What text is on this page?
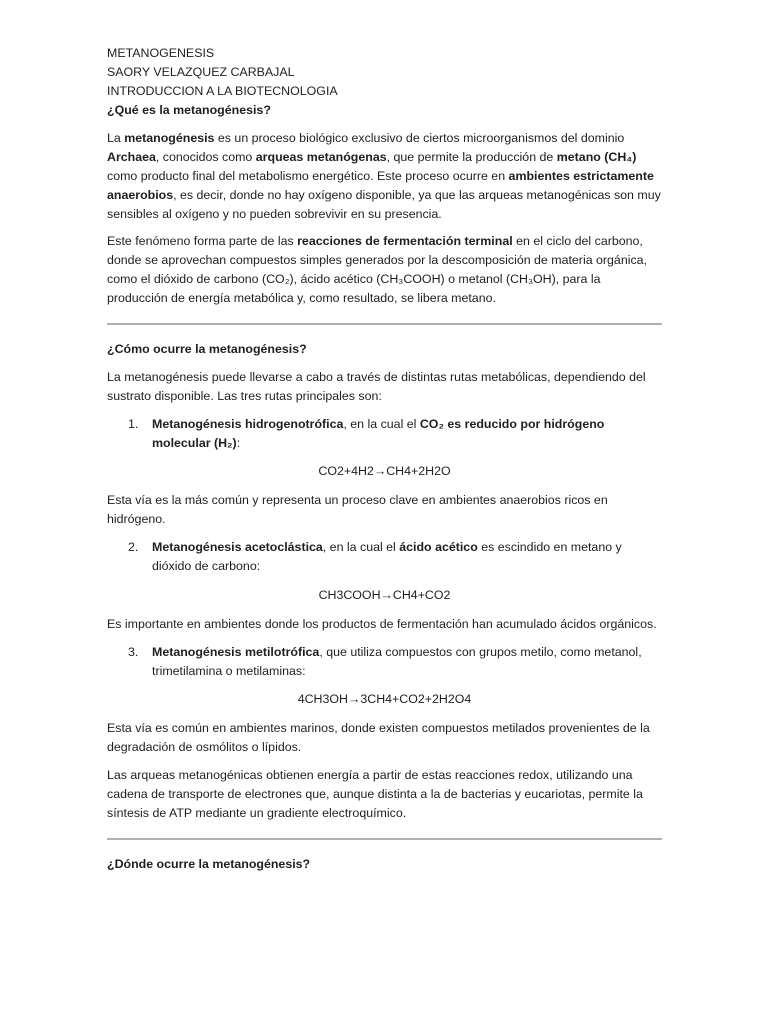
METANOGENESIS
SAORY VELAZQUEZ CARBAJAL
INTRODUCCION A LA BIOTECNOLOGIA
¿Qué es la metanogénesis?

La metanogénesis es un proceso biológico exclusivo de ciertos microorganismos del dominio Archaea, conocidos como arqueas metanógenas, que permite la producción de metano (CH₄) como producto final del metabolismo energético. Este proceso ocurre en ambientes estrictamente anaerobios, es decir, donde no hay oxígeno disponible, ya que las arqueas metanogénicas son muy sensibles al oxígeno y no pueden sobrevivir en su presencia.

Este fenómeno forma parte de las reacciones de fermentación terminal en el ciclo del carbono, donde se aprovechan compuestos simples generados por la descomposición de materia orgánica, como el dióxido de carbono (CO₂), ácido acético (CH₃COOH) o metanol (CH₃OH), para la producción de energía metabólica y, como resultado, se libera metano.

¿Cómo ocurre la metanogénesis?

La metanogénesis puede llevarse a cabo a través de distintas rutas metabólicas, dependiendo del sustrato disponible. Las tres rutas principales son:

1. Metanogénesis hidrogenotrófica, en la cual el CO₂ es reducido por hidrógeno molecular (H₂):
CO2+4H2→CH4+2H2O

Esta vía es la más común y representa un proceso clave en ambientes anaerobios ricos en hidrógeno.

2. Metanogénesis acetoclástica, en la cual el ácido acético es escindido en metano y dióxido de carbono:
CH3COOH→CH4+CO2

Es importante en ambientes donde los productos de fermentación han acumulado ácidos orgánicos.

3. Metanogénesis metilotrófica, que utiliza compuestos con grupos metilo, como metanol, trimetilamina o metilaminas:
4CH3OH→3CH4+CO2+2H2O4

Esta vía es común en ambientes marinos, donde existen compuestos metilados provenientes de la degradación de osmólitos o lípidos.

Las arqueas metanogénicas obtienen energía a partir de estas reacciones redox, utilizando una cadena de transporte de electrones que, aunque distinta a la de bacterias y eucariotas, permite la síntesis de ATP mediante un gradiente electroquímico.

¿Dónde ocurre la metanogénesis?
